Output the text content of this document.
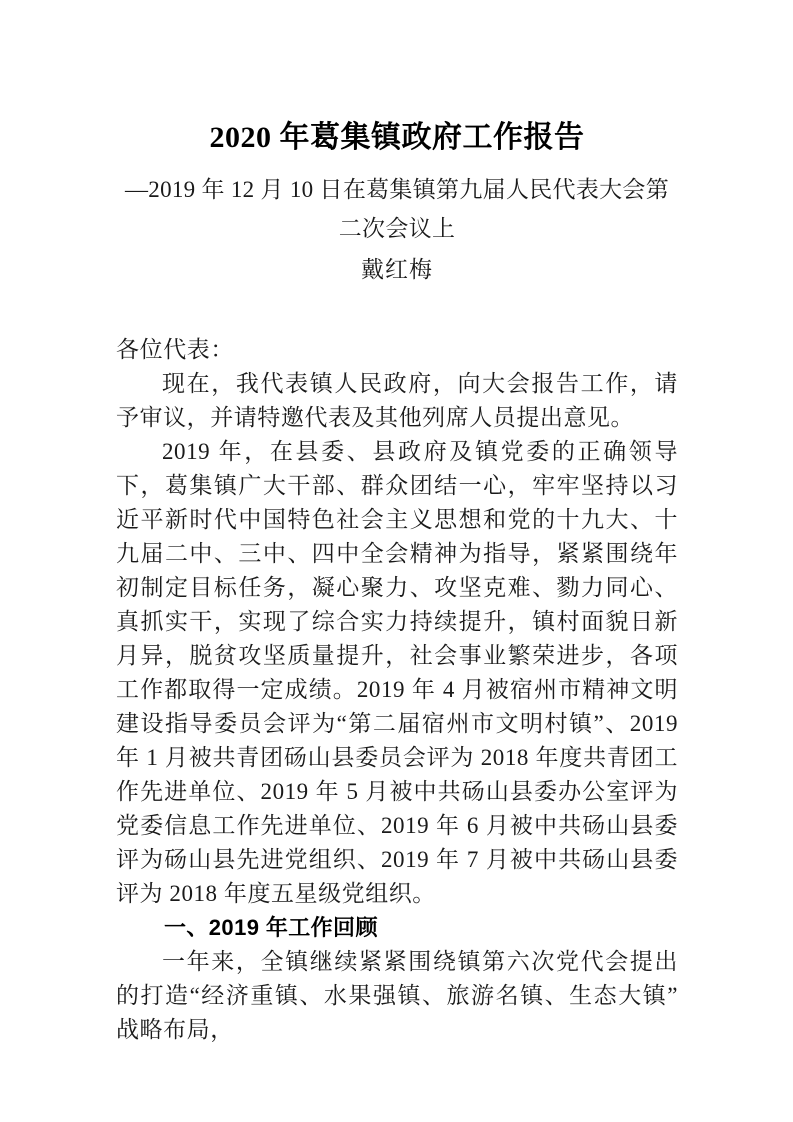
2020 年葛集镇政府工作报告
—2019 年 12 月 10 日在葛集镇第九届人民代表大会第二次会议上
戴红梅

各位代表：

现在，我代表镇人民政府，向大会报告工作，请予审议，并请特邀代表及其他列席人员提出意见。

2019 年，在县委、县政府及镇党委的正确领导下，葛集镇广大干部、群众团结一心，牢牢坚持以习近平新时代中国特色社会主义思想和党的十九大、十九届二中、三中、四中全会精神为指导，紧紧围绕年初制定目标任务，凝心聚力、攻坚克难、勠力同心、真抓实干，实现了综合实力持续提升，镇村面貌日新月异，脱贫攻坚质量提升，社会事业繁荣进步，各项工作都取得一定成绩。2019 年 4 月被宿州市精神文明建设指导委员会评为“第二届宿州市文明村镇”、2019 年 1 月被共青团砀山县委员会评为 2018 年度共青团工作先进单位、2019 年 5 月被中共砀山县委办公室评为党委信息工作先进单位、2019 年 6 月被中共砀山县委评为砀山县先进党组织、2019 年 7 月被中共砀山县委评为 2018 年度五星级党组织。

一、2019 年工作回顾

一年来，全镇继续紧紧围绕镇第六次党代会提出的打造“经济重镇、水果强镇、旅游名镇、生态大镇”战略布局，
